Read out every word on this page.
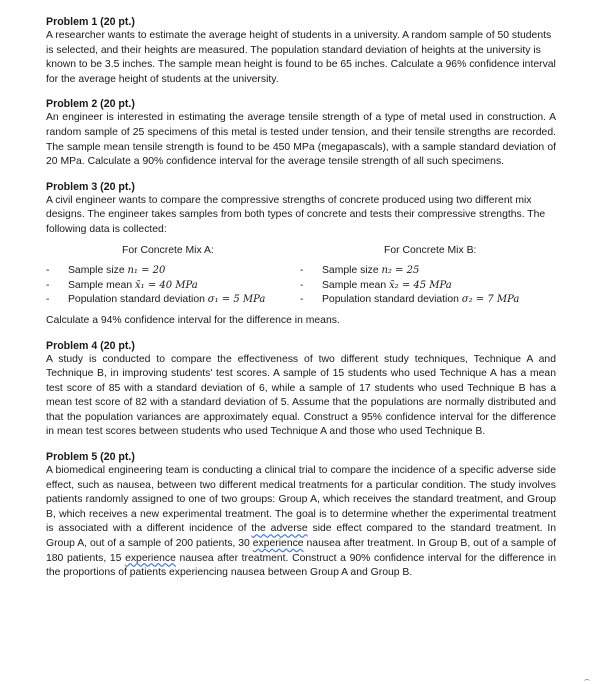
Problem 1 (20 pt.)

A researcher wants to estimate the average height of students in a university. A random sample of 50 students is selected, and their heights are measured. The population standard deviation of heights at the university is known to be 3.5 inches. The sample mean height is found to be 65 inches. Calculate a 96% confidence interval for the average height of students at the university.

Problem 2 (20 pt.)

An engineer is interested in estimating the average tensile strength of a type of metal used in construction. A random sample of 25 specimens of this metal is tested under tension, and their tensile strengths are recorded. The sample mean tensile strength is found to be 450 MPa (megapascals), with a sample standard deviation of 20 MPa. Calculate a 90% confidence interval for the average tensile strength of all such specimens.

Problem 3 (20 pt.)

A civil engineer wants to compare the compressive strengths of concrete produced using two different mix designs. The engineer takes samples from both types of concrete and tests their compressive strengths. The following data is collected:

For Concrete Mix A:
- Sample size n₁ = 20
- Sample mean x̄₁ = 40 MPa
- Population standard deviation σ₁ = 5 MPa
For Concrete Mix B:
- Sample size n₂ = 25
- Sample mean x̄₂ = 45 MPa
- Population standard deviation σ₂ = 7 MPa

Calculate a 94% confidence interval for the difference in means.

Problem 4 (20 pt.)

A study is conducted to compare the effectiveness of two different study techniques, Technique A and Technique B, in improving students' test scores. A sample of 15 students who used Technique A has a mean test score of 85 with a standard deviation of 6, while a sample of 17 students who used Technique B has a mean test score of 82 with a standard deviation of 5. Assume that the populations are normally distributed and that the population variances are approximately equal. Construct a 95% confidence interval for the difference in mean test scores between students who used Technique A and those who used Technique B.

Problem 5 (20 pt.)

A biomedical engineering team is conducting a clinical trial to compare the incidence of a specific adverse side effect, such as nausea, between two different medical treatments for a particular condition. The study involves patients randomly assigned to one of two groups: Group A, which receives the standard treatment, and Group B, which receives a new experimental treatment. The goal is to determine whether the experimental treatment is associated with a different incidence of the adverse side effect compared to the standard treatment. In Group A, out of a sample of 200 patients, 30 experience nausea after treatment. In Group B, out of a sample of 180 patients, 15 experience nausea after treatment. Construct a 90% confidence interval for the difference in the proportions of patients experiencing nausea between Group A and Group B.
